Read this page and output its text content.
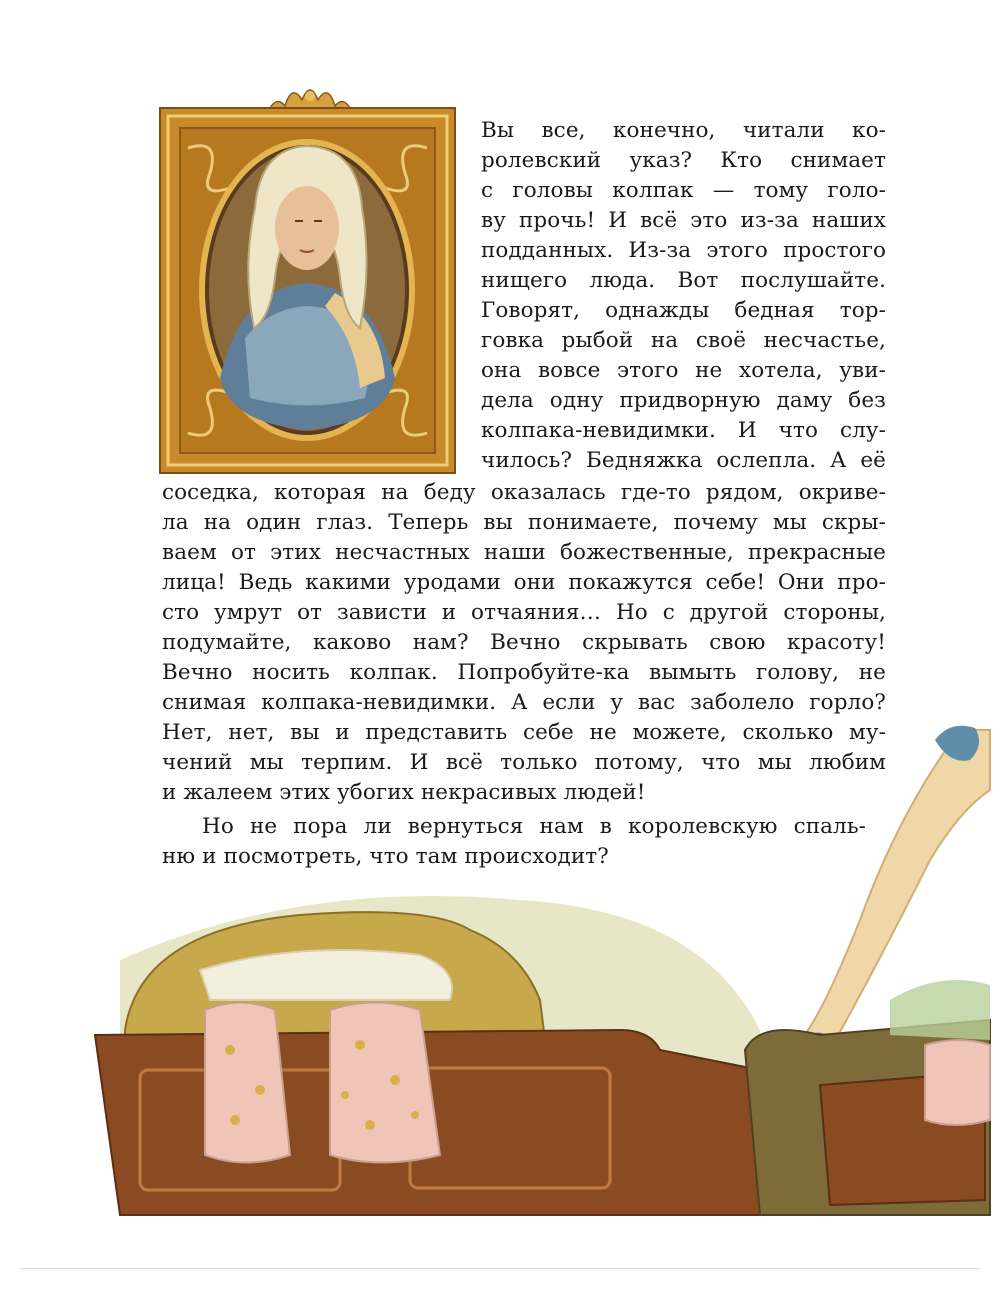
Вы все, конечно, читали ко-
ролевский указ? Кто снимает
с головы колпак — тому голо-
ву прочь! И всё это из-за наших
подданных. Из-за этого простого
нищего люда. Вот послушайте.
Говорят, однажды бедная тор-
говка рыбой на своё несчастье,
она вовсе этого не хотела, уви-
дела одну придворную даму без
колпака-невидимки. И что слу-
чилось? Бедняжка ослепла. А её
соседка, которая на беду оказалась где-то рядом, окриве-
ла на один глаз. Теперь вы понимаете, почему мы скры-
ваем от этих несчастных наши божественные, прекрасные
лица! Ведь какими уродами они покажутся себе! Они про-
сто умрут от зависти и отчаяния… Но с другой стороны,
подумайте, каково нам? Вечно скрывать свою красоту!
Вечно носить колпак. Попробуйте-ка вымыть голову, не
снимая колпака-невидимки. А если у вас заболело горло?
Нет, нет, вы и представить себе не можете, сколько му-
чений мы терпим. И всё только потому, что мы любим
и жалеем этих убогих некрасивых людей!
Но не пора ли вернуться нам в королевскую спаль-
ню и посмотреть, что там происходит?
